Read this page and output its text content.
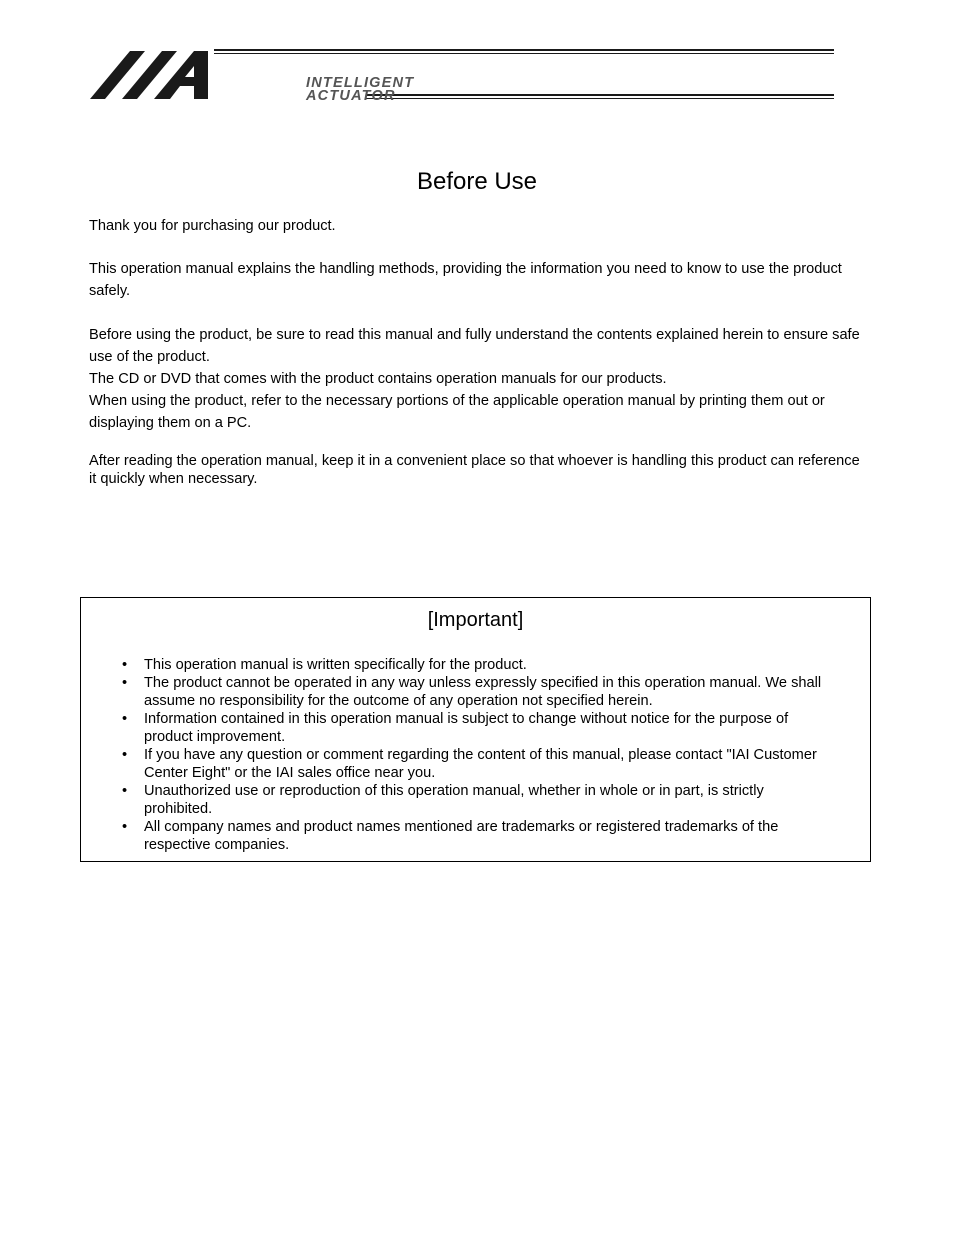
INTELLIGENT
ACTUATOR
Before Use

Thank you for purchasing our product.

This operation manual explains the handling methods, providing the information you need to know to use the product safely.

Before using the product, be sure to read this manual and fully understand the contents explained herein to ensure safe use of the product.
The CD or DVD that comes with the product contains operation manuals for our products.
When using the product, refer to the necessary portions of the applicable operation manual by printing them out or displaying them on a PC.

After reading the operation manual, keep it in a convenient place so that whoever is handling this product can reference it quickly when necessary.

[Important]
• This operation manual is written specifically for the product.
• The product cannot be operated in any way unless expressly specified in this operation manual. We shall assume no responsibility for the outcome of any operation not specified herein.
• Information contained in this operation manual is subject to change without notice for the purpose of product improvement.
• If you have any question or comment regarding the content of this manual, please contact "IAI Customer Center Eight" or the IAI sales office near you.
• Unauthorized use or reproduction of this operation manual, whether in whole or in part, is strictly prohibited.
• All company names and product names mentioned are trademarks or registered trademarks of the respective companies.
